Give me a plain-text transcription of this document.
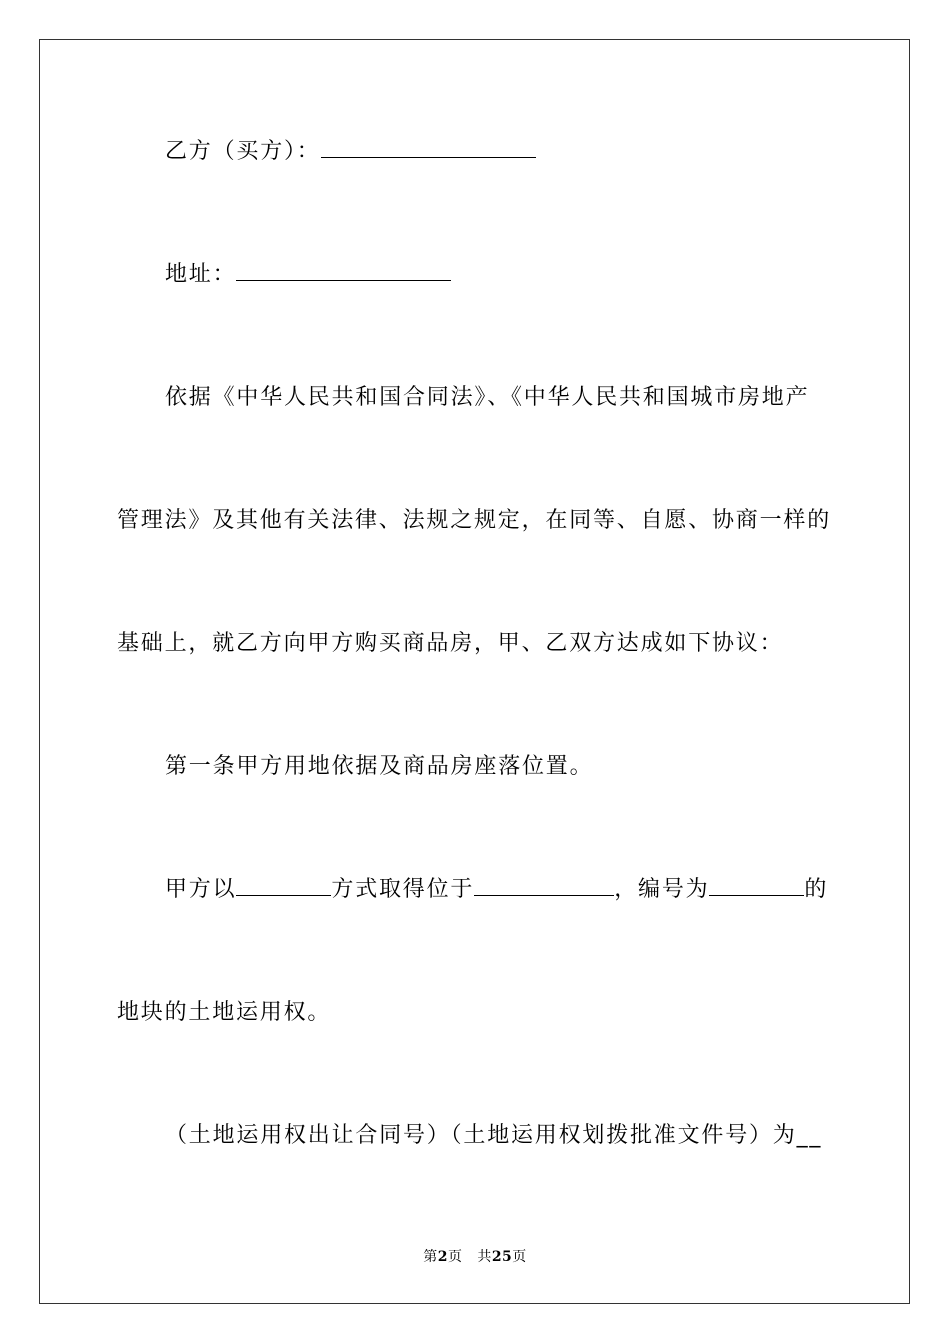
乙方（买方）：
地址：
依据《中华人民共和国合同法》、《中华人民共和国城市房地产
管理法》及其他有关法律、法规之规定，在同等、自愿、协商一样的
基础上，就乙方向甲方购买商品房，甲、乙双方达成如下协议：
第一条甲方用地依据及商品房座落位置。
甲方以	方式取得位于	，编号为	的
地块的土地运用权。
（土地运用权出让合同号）（土地运用权划拨批准文件号）为__
第2页 共25页
